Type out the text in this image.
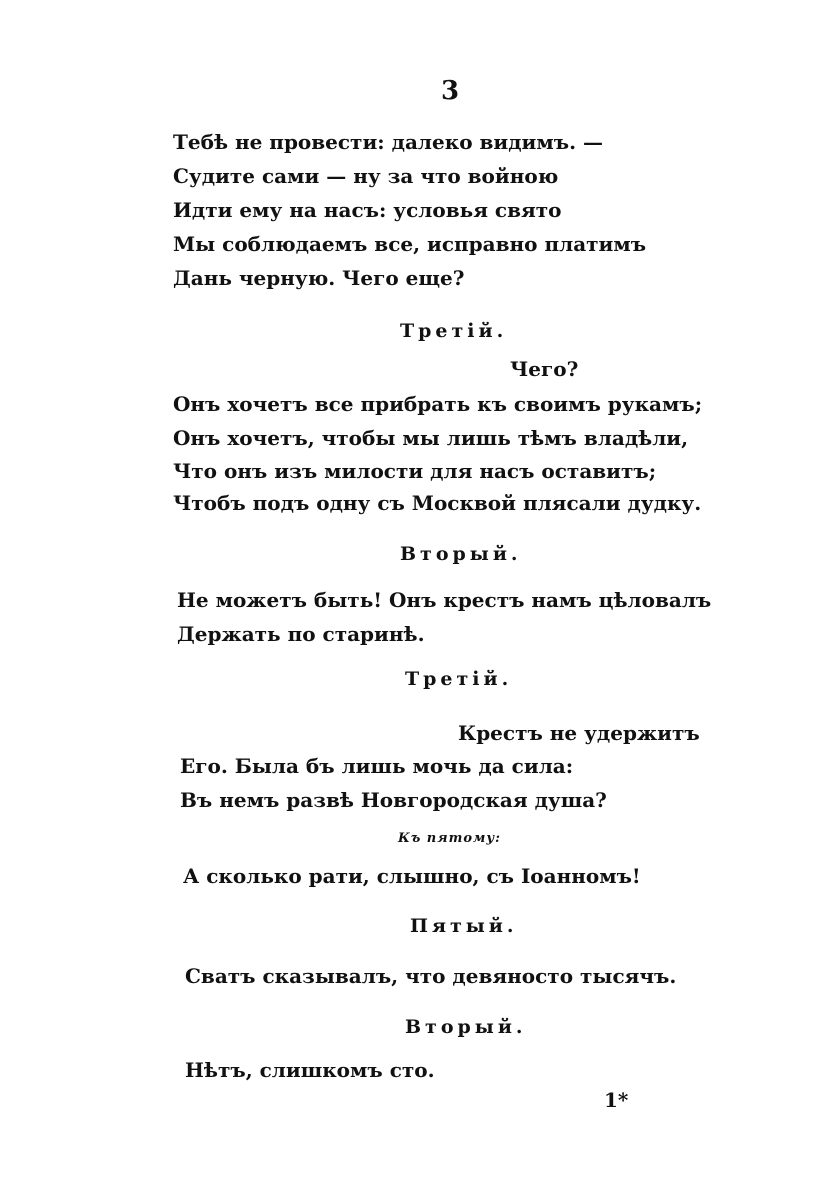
3
Тебѣ не провести: далеко видимъ. —
Судите сами — ну за что войною
Идти ему на насъ: условья свято
Мы соблюдаемъ все, исправно платимъ
Дань черную. Чего еще?
Третій.
Чего?
Онъ хочетъ все прибрать къ своимъ рукамъ;
Онъ хочетъ, чтобы мы лишь тѣмъ владѣли,
Что онъ изъ милости для насъ оставитъ;
Чтобъ подъ одну съ Москвой плясали дудку.
Вторый.
Не можетъ быть! Онъ крестъ намъ цѣловалъ
Держать по старинѣ.
Третій.
Крестъ не удержитъ
Его. Была бъ лишь мочь да сила:
Въ немъ развѣ Новгородская душа?
Къ пятому:
А сколько рати, слышно, съ Іоанномъ!
Пятый.
Сватъ сказывалъ, что девяносто тысячъ.
Вторый.
Нѣтъ, слишкомъ сто.
1*
